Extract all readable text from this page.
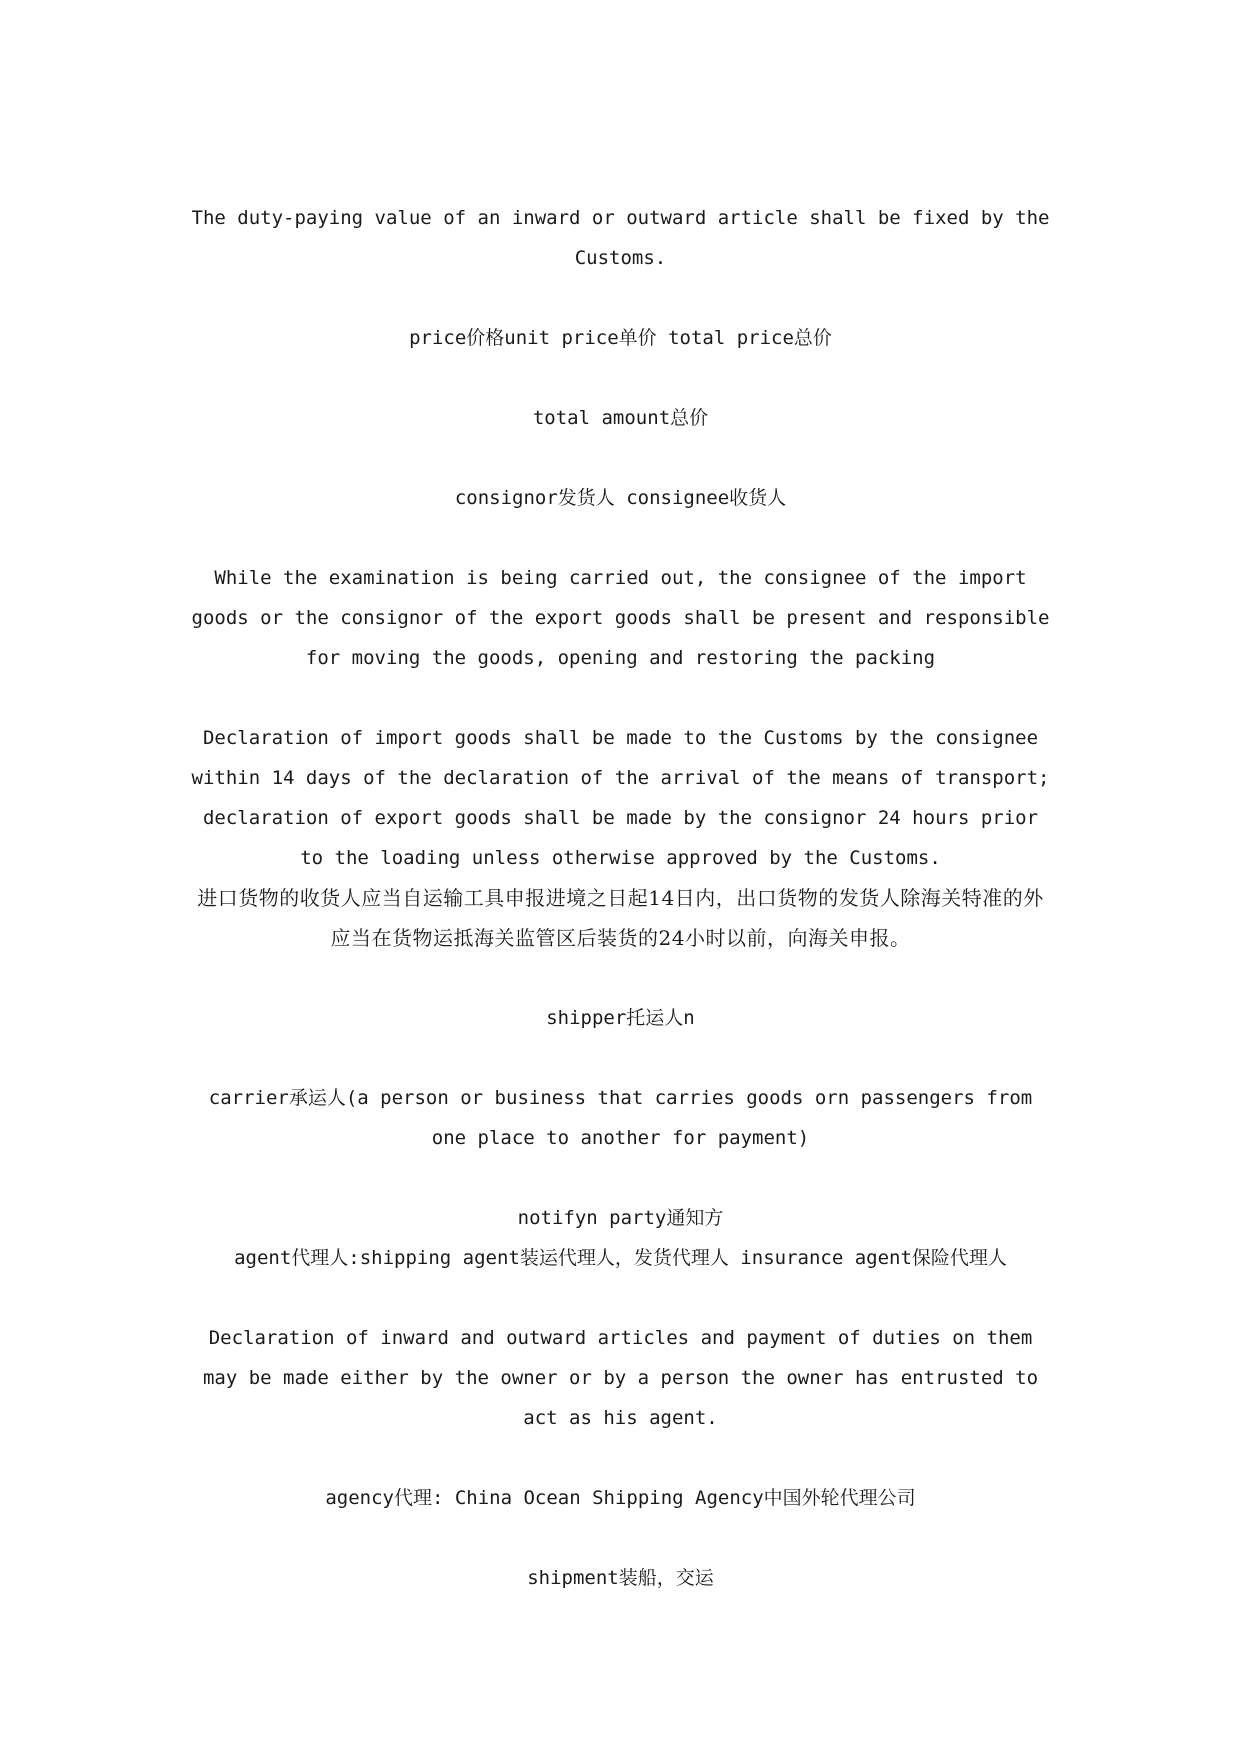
The duty-paying value of an inward or outward article shall be fixed by the Customs.

price价格unit price单价 total price总价

total amount总价

consignor发货人 consignee收货人

While the examination is being carried out, the consignee of the import goods or the consignor of the export goods shall be present and responsible for moving the goods, opening and restoring the packing

Declaration of import goods shall be made to the Customs by the consignee within 14 days of the declaration of the arrival of the means of transport; declaration of export goods shall be made by the consignor 24 hours prior to the loading unless otherwise approved by the Customs.

进口货物的收货人应当自运输工具申报进境之日起14日内，出口货物的发货人除海关特准的外应当在货物运抵海关监管区后装货的24小时以前，向海关申报。

shipper托运人n

carrier承运人(a person or business that carries goods orn passengers from one place to another for payment)

notifyn party通知方

agent代理人:shipping agent装运代理人，发货代理人 insurance agent保险代理人

Declaration of inward and outward articles and payment of duties on them may be made either by the owner or by a person the owner has entrusted to act as his agent.

agency代理: China Ocean Shipping Agency中国外轮代理公司

shipment装船，交运
